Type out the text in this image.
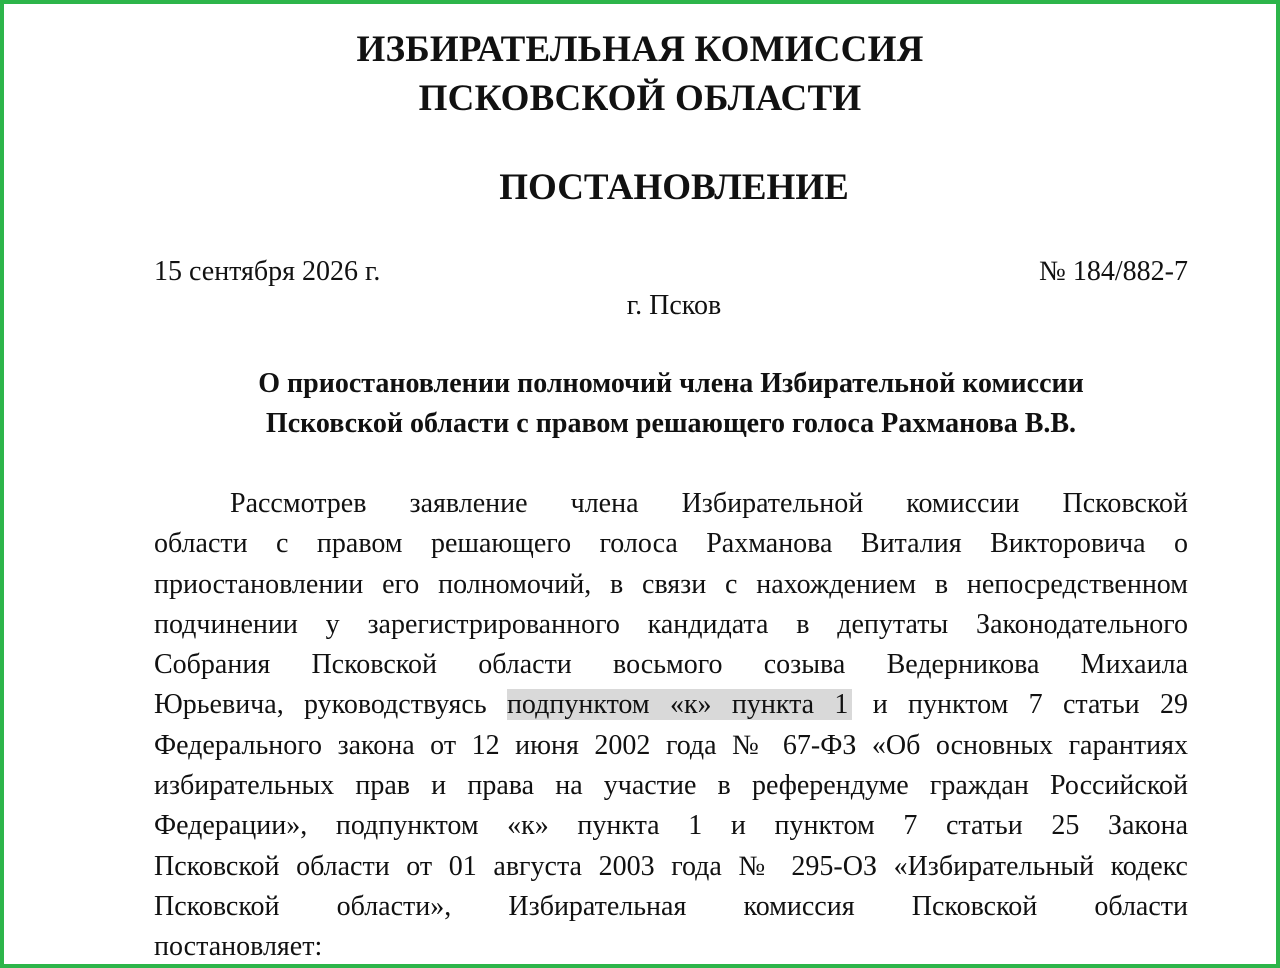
ИЗБИРАТЕЛЬНАЯ КОМИССИЯ
ПСКОВСКОЙ ОБЛАСТИ
ПОСТАНОВЛЕНИЕ
15 сентября 2026 г.	№ 184/882-7
г. Псков
О приостановлении полномочий члена Избирательной комиссии
Псковской области с правом решающего голоса Рахманова В.В.
Рассмотрев заявление члена Избирательной комиссии Псковской
области с правом решающего голоса Рахманова Виталия Викторовича о
приостановлении его полномочий, в связи с нахождением в непосредственном
подчинении у зарегистрированного кандидата в депутаты Законодательного
Собрания Псковской области восьмого созыва Ведерникова Михаила
Юрьевича, руководствуясь подпунктом «к» пункта 1 и пунктом 7 статьи 29
Федерального закона от 12 июня 2002 года № 67-ФЗ «Об основных гарантиях
избирательных прав и права на участие в референдуме граждан Российской
Федерации», подпунктом «к» пункта 1 и пунктом 7 статьи 25 Закона
Псковской области от 01 августа 2003 года № 295-ОЗ «Избирательный кодекс
Псковской области», Избирательная комиссия Псковской области
постановляет:
